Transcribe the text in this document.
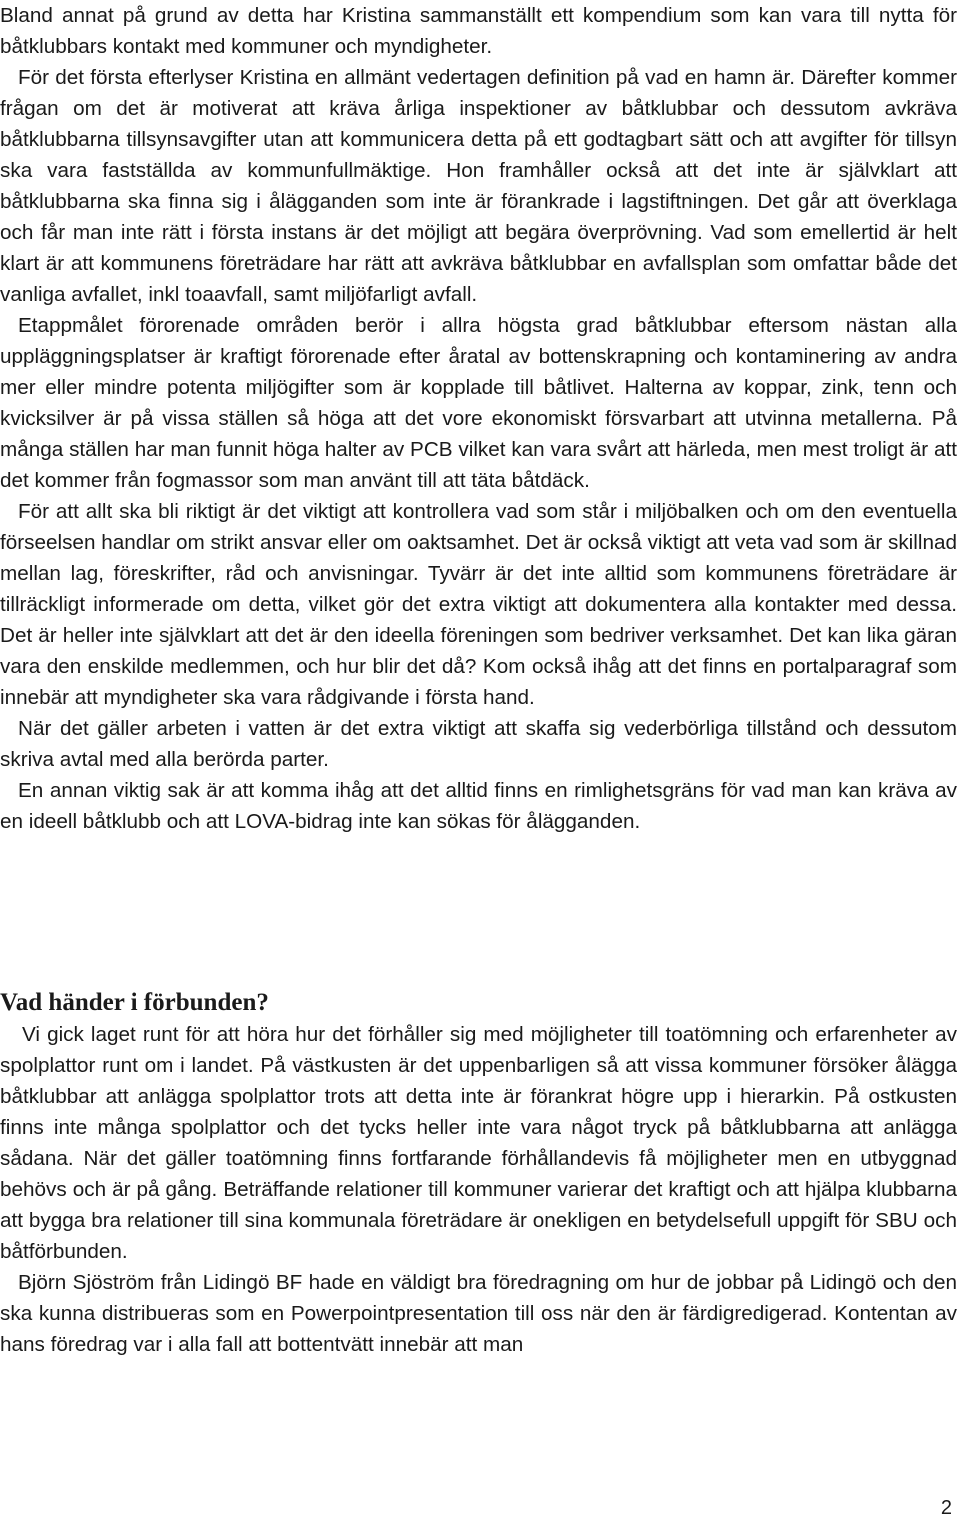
Bland annat på grund av detta har Kristina sammanställt ett kompendium som kan vara till nytta för båtklubbars kontakt med kommuner och myndigheter.

För det första efterlyser Kristina en allmänt vedertagen definition på vad en hamn är. Därefter kommer frågan om det är motiverat att kräva årliga inspektioner av båtklubbar och dessutom avkräva båtklubbarna tillsynsavgifter utan att kommunicera detta på ett godtagbart sätt och att avgifter för tillsyn ska vara fastställda av kommunfullmäktige. Hon framhåller också att det inte är självklart att båtklubbarna ska finna sig i ålägganden som inte är förankrade i lagstiftningen. Det går att överklaga och får man inte rätt i första instans är det möjligt att begära överprövning. Vad som emellertid är helt klart är att kommunens företrädare har rätt att avkräva båtklubbar en avfallsplan som omfattar både det vanliga avfallet, inkl toaavfall, samt miljöfarligt avfall.

Etappmålet förorenade områden berör i allra högsta grad båtklubbar eftersom nästan alla uppläggningsplatser är kraftigt förorenade efter åratal av bottenskrapning och kontaminering av andra mer eller mindre potenta miljögifter som är kopplade till båtlivet. Halterna av koppar, zink, tenn och kvicksilver är på vissa ställen så höga att det vore ekonomiskt försvarbart att utvinna metallerna. På många ställen har man funnit höga halter av PCB vilket kan vara svårt att härleda, men mest troligt är att det kommer från fogmassor som man använt till att täta båtdäck.

För att allt ska bli riktigt är det viktigt att kontrollera vad som står i miljöbalken och om den eventuella förseelsen handlar om strikt ansvar eller om oaktsamhet. Det är också viktigt att veta vad som är skillnad mellan lag, föreskrifter, råd och anvisningar. Tyvärr är det inte alltid som kommunens företrädare är tillräckligt informerade om detta, vilket gör det extra viktigt att dokumentera alla kontakter med dessa. Det är heller inte självklart att det är den ideella föreningen som bedriver verksamhet. Det kan lika gäran vara den enskilde medlemmen, och hur blir det då? Kom också ihåg att det finns en portalparagraf som innebär att myndigheter ska vara rådgivande i första hand.

När det gäller arbeten i vatten är det extra viktigt att skaffa sig vederbörliga tillstånd och dessutom skriva avtal med alla berörda parter.

En annan viktig sak är att komma ihåg att det alltid finns en rimlighetsgräns för vad man kan kräva av en ideell båtklubb och att LOVA-bidrag inte kan sökas för ålägganden.

Vad händer i förbunden?

Vi gick laget runt för att höra hur det förhåller sig med möjligheter till toatömning och erfarenheter av spolplattor runt om i landet. På västkusten är det uppenbarligen så att vissa kommuner försöker ålägga båtklubbar att anlägga spolplattor trots att detta inte är förankrat högre upp i hierarkin. På ostkusten finns inte många spolplattor och det tycks heller inte vara något tryck på båtklubbarna att anlägga sådana. När det gäller toatömning finns fortfarande förhållandevis få möjligheter men en utbyggnad behövs och är på gång. Beträffande relationer till kommuner varierar det kraftigt och att hjälpa klubbarna att bygga bra relationer till sina kommunala företrädare är onekligen en betydelsefull uppgift för SBU och båtförbunden.

Björn Sjöström från Lidingö BF hade en väldigt bra föredragning om hur de jobbar på Lidingö och den ska kunna distribueras som en Powerpointpresentation till oss när den är färdigredigerad. Kontentan av hans föredrag var i alla fall att bottentvätt innebär att man

2
